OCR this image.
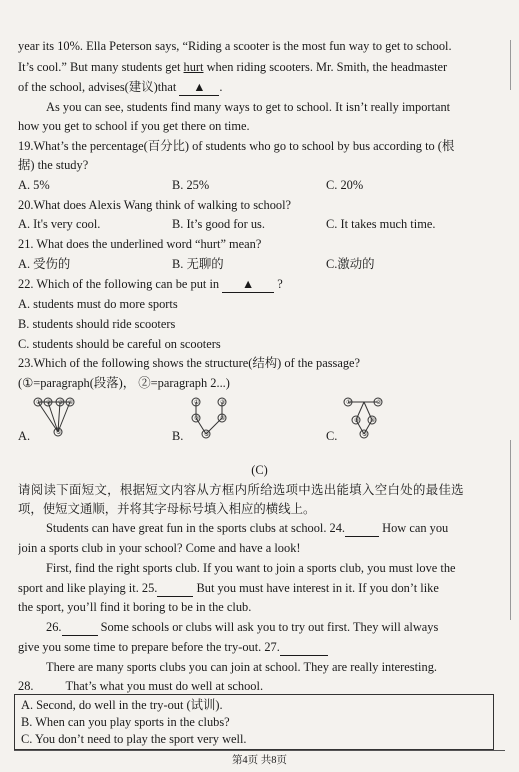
year its 10%. Ella Peterson says, “Riding a scooter is the most fun way to get to school.
It’s cool.” But many students get hurt when riding scooters. Mr. Smith, the headmaster
of the school, advises(建议)that ▲ .
As you can see, students find many ways to get to school. It isn’t really important
how you get to school if you get there on time.
19.What’s the percentage(百分比) of students who go to school by bus according to (根
据) the study?
A. 5%	B. 25%	C. 20%
20.What does Alexis Wang think of walking to school?
A. It's very cool.	B. It’s good for us.	C. It takes much time.
21. What does the underlined word “hurt” mean?
A. 受伤的	B. 无聊的	C.激动的
22. Which of the following can be put in ▲ ?
A. students must do more sports
B. students should ride scooters
C. students should be careful on scooters
23.Which of the following shows the structure(结构) of the passage?
(①=paragraph(段落)， ②=paragraph 2...)
① ② ③ ④
⑤
A.
①
②
③
④
⑤
B.
①	②
③ ④
⑤
C.
(C)
请阅读下面短文，根据短文内容从方框内所给选项中选出能填入空白处的最佳选
项，使短文通顺，并将其字母标号填入相应的横线上。
Students can have great fun in the sports clubs at school. 24.	How can you
join a sports club in your school? Come and have a look!
First, find the right sports club. If you want to join a sports club, you must love the
sport and like playing it. 25.	But you must have interest in it. If you don’t like
the sport, you’ll find it boring to be in the club.
26.	Some schools or clubs will ask you to try out first. They will always
give you some time to prepare before the try-out. 27.
There are many sports clubs you can join at school. They are really interesting.
28.	That’s what you must do well at school.
A. Second, do well in the try-out (试训).
B. When can you play sports in the clubs?
C. You don’t need to play the sport very well.
第4页 共8页
